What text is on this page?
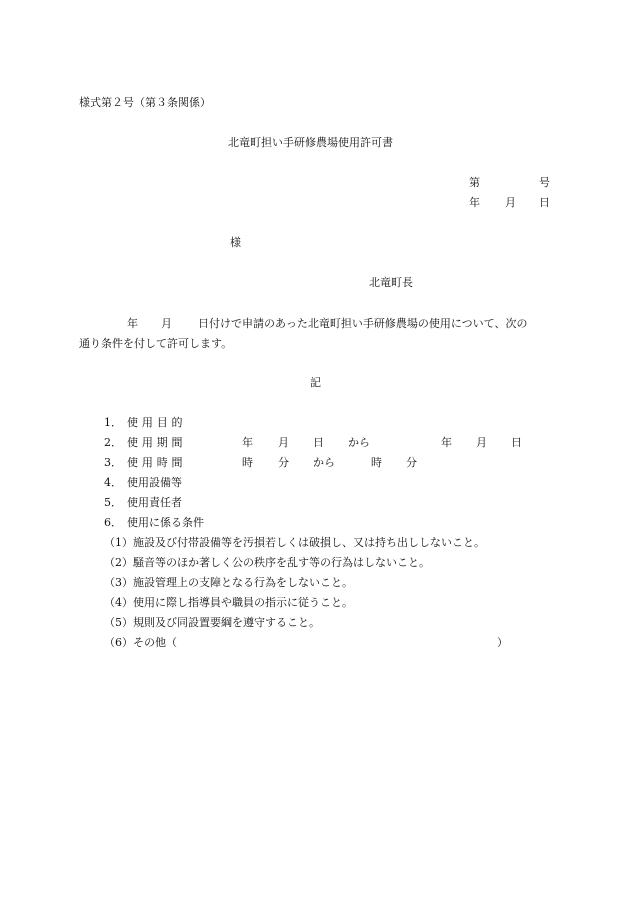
様式第２号（第３条関係）
北竜町担い手研修農場使用許可書
第	号
年 月 日
様
北竜町長
年 月 日付けで申請のあった北竜町担い手研修農場の使用について、次の
通り条件を付して許可します。
記
1． 使用目的
2． 使用期間	年 月 日 から	年 月 日
3． 使用時間	時 分 から	時 分
4． 使用設備等
5． 使用責任者
6． 使用に係る条件
（1）施設及び付帯設備等を汚損若しくは破損し、又は持ち出ししないこと。
（2）騒音等のほか著しく公の秩序を乱す等の行為はしないこと。
（3）施設管理上の支障となる行為をしないこと。
（4）使用に際し指導員や職員の指示に従うこと。
（5）規則及び同設置要綱を遵守すること。
（6）その他（	）
